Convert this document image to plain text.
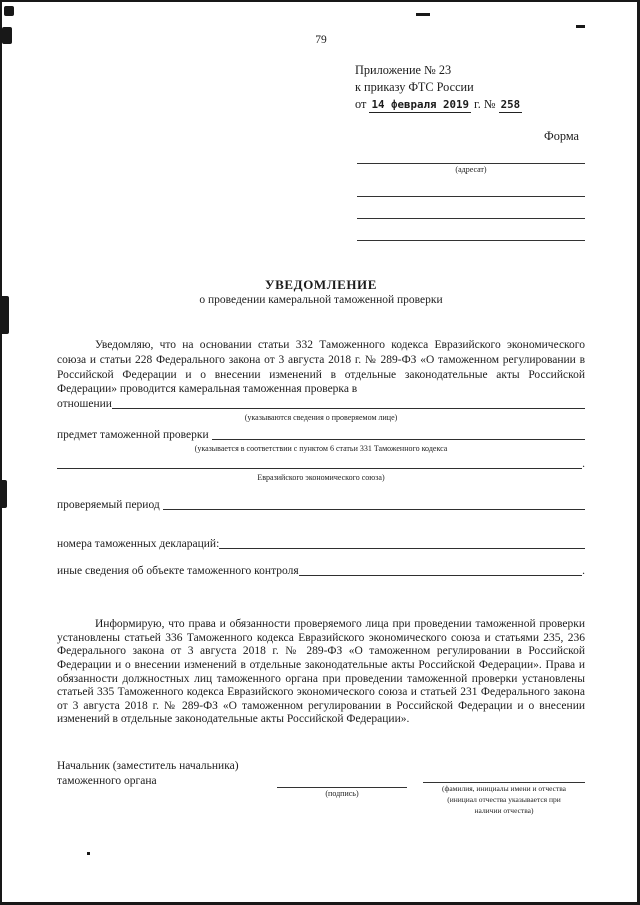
79
Приложение № 23
к приказу ФТС России
от 14 февраля 2019 г. № 258
Форма
(адресат)
УВЕДОМЛЕНИЕ
о проведении камеральной таможенной проверки
Уведомляю, что на основании статьи 332 Таможенного кодекса Евразийского экономического союза и статьи 228 Федерального закона от 3 августа 2018 г. № 289-ФЗ «О таможенном регулировании в Российской Федерации и о внесении изменений в отдельные законодательные акты Российской Федерации» проводится камеральная таможенная проверка в
отношении
(указываются сведения о проверяемом лице)
предмет таможенной проверки
(указывается в соответствии с пунктом 6 статьи 331 Таможенного кодекса
.
Евразийского экономического союза)
проверяемый период
номера таможенных деклараций:
иные сведения об объекте таможенного контроля	.
Информирую, что права и обязанности проверяемого лица при проведении таможенной проверки установлены статьей 336 Таможенного кодекса Евразийского экономического союза и статьями 235, 236 Федерального закона от 3 августа 2018 г. № 289-ФЗ «О таможенном регулировании в Российской Федерации и о внесении изменений в отдельные законодательные акты Российской Федерации». Права и обязанности должностных лиц таможенного органа при проведении таможенной проверки установлены статьей 335 Таможенного кодекса Евразийского экономического союза и статьей 231 Федерального закона от 3 августа 2018 г. № 289-ФЗ «О таможенном регулировании в Российской Федерации и о внесении изменений в отдельные законодательные акты Российской Федерации».
Начальник (заместитель начальника)
таможенного органа
(подпись)
(фамилия, инициалы имени и отчества
(инициал отчества указывается при
наличии отчества)
